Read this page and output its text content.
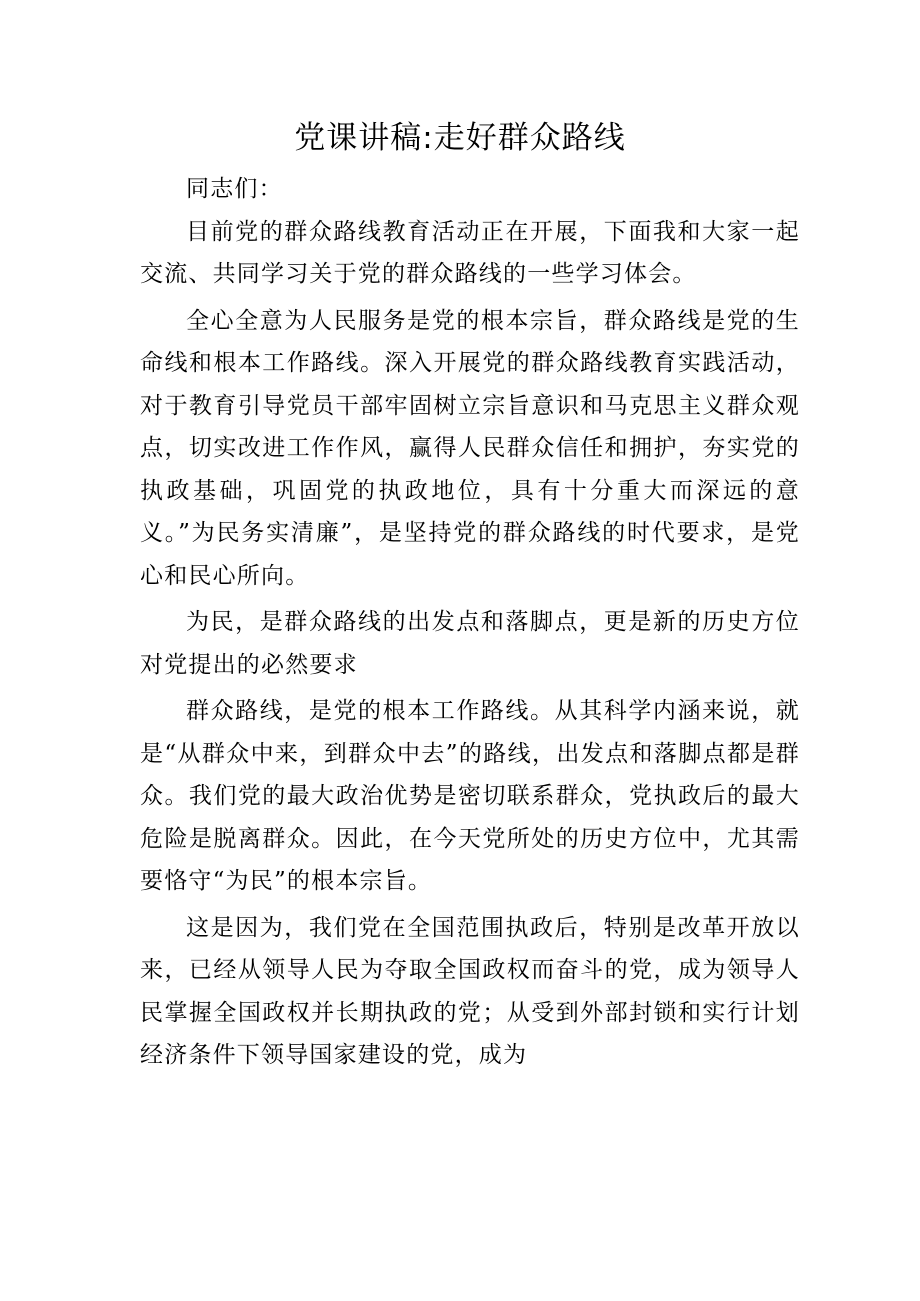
党课讲稿:走好群众路线

同志们：

目前党的群众路线教育活动正在开展，下面我和大家一起交流、共同学习关于党的群众路线的一些学习体会。

全心全意为人民服务是党的根本宗旨，群众路线是党的生命线和根本工作路线。深入开展党的群众路线教育实践活动，对于教育引导党员干部牢固树立宗旨意识和马克思主义群众观点，切实改进工作作风，赢得人民群众信任和拥护，夯实党的执政基础，巩固党的执政地位，具有十分重大而深远的意义。”为民务实清廉”，是坚持党的群众路线的时代要求，是党心和民心所向。

为民，是群众路线的出发点和落脚点，更是新的历史方位对党提出的必然要求

群众路线，是党的根本工作路线。从其科学内涵来说，就是“从群众中来，到群众中去”的路线，出发点和落脚点都是群众。我们党的最大政治优势是密切联系群众，党执政后的最大危险是脱离群众。因此，在今天党所处的历史方位中，尤其需要恪守“为民”的根本宗旨。

这是因为，我们党在全国范围执政后，特别是改革开放以来，已经从领导人民为夺取全国政权而奋斗的党，成为领导人民掌握全国政权并长期执政的党；从受到外部封锁和实行计划经济条件下领导国家建设的党，成为
